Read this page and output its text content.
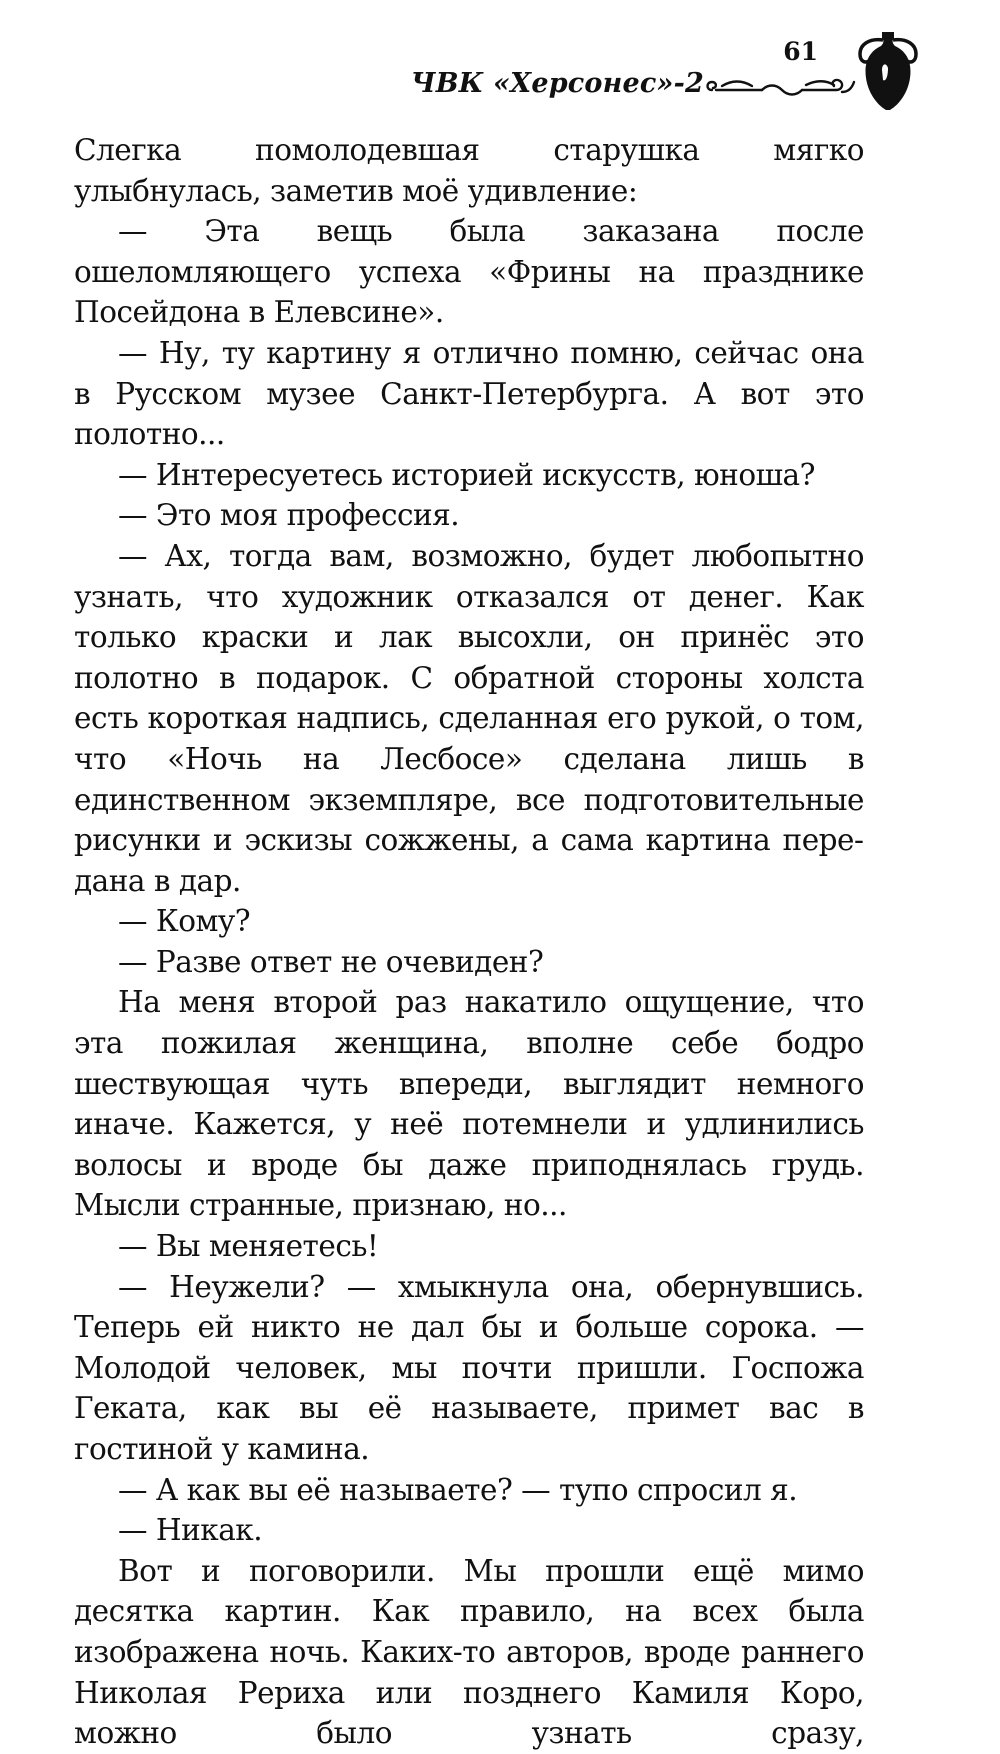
ЧВК «Херсонес»-2
61

Слегка помолодевшая старушка мягко улыбнулась, заметив моё удивление:

— Эта вещь была заказана после ошеломляющего успеха «Фрины на празднике Посейдона в Елевсине».

— Ну, ту картину я отлично помню, сейчас она в Русском музее Санкт-Петербурга. А вот это полотно...

— Интересуетесь историей искусств, юноша?

— Это моя профессия.

— Ах, тогда вам, возможно, будет любопытно узнать, что художник отказался от денег. Как только краски и лак высохли, он принёс это полотно в подарок. С обратной стороны холста есть короткая надпись, сделанная его рукой, о том, что «Ночь на Лесбосе» сделана лишь в единственном экземпляре, все подготовительные рисунки и эскизы сожжены, а сама картина передана в дар.

— Кому?

— Разве ответ не очевиден?

На меня второй раз накатило ощущение, что эта пожилая женщина, вполне себе бодро шествующая чуть впереди, выглядит немного иначе. Кажется, у неё потемнели и удлинились волосы и вроде бы даже приподнялась грудь. Мысли странные, признаю, но...

— Вы меняетесь!

— Неужели? — хмыкнула она, обернувшись. Теперь ей никто не дал бы и больше сорока. — Молодой человек, мы почти пришли. Госпожа Геката, как вы её называете, примет вас в гостиной у камина.

— А как вы её называете? — тупо спросил я.

— Никак.

Вот и поговорили. Мы прошли ещё мимо десятка картин. Как правило, на всех была изображена ночь. Каких-то авторов, вроде раннего Николая Рериха или позднего Камиля Коро, можно было узнать сразу,
